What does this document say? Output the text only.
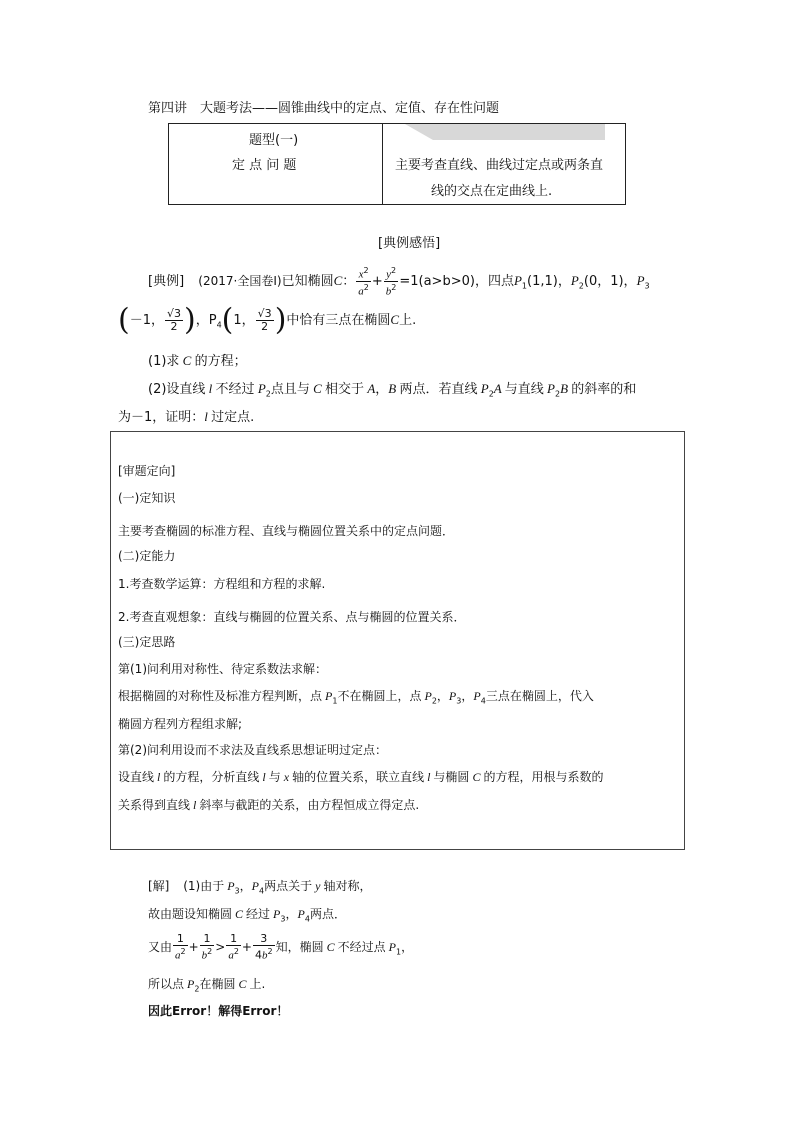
第四讲　大题考法——圆锥曲线中的定点、定值、存在性问题
题型(一)
定 点 问 题	主要考查直线、曲线过定点或两条直
线的交点在定曲线上.
[典例感悟]
[典例] (2017·全国卷Ⅰ)已知椭圆C： $\frac{x^2}{a^2} + \frac{y^2}{b^2} =1(a>b>0)$，四点$P_1(1,1)$，$P_2(0$，1)，$P_3$
(－1， $\frac{√3}{2}$ )，$P_4(1$， $\frac{√3}{2}$ )中恰有三点在椭圆C上.
(1)求 C 的方程；
(2)设直线 l 不经过 $P_2$点且与 C 相交于 A，B 两点．若直线 $P_2A$ 与直线 $P_2B$ 的斜率的和
为－1，证明：l 过定点.
[审题定向]
(一)定知识
主要考查椭圆的标准方程、直线与椭圆位置关系中的定点问题．
(二)定能力
1.考查数学运算：方程组和方程的求解.
2.考查直观想象：直线与椭圆的位置关系、点与椭圆的位置关系．
(三)定思路
第(1)问利用对称性、待定系数法求解：
根据椭圆的对称性及标准方程判断，点 $P_1$不在椭圆上，点 $P_2$，$P_3$，$P_4$三点在椭圆上，代入
椭圆方程列方程组求解;
第(2)问利用设而不求法及直线系思想证明过定点：
设直线 l 的方程，分析直线 l 与 x 轴的位置关系，联立直线 l 与椭圆 C 的方程，用根与系数的
关系得到直线 l 斜率与截距的关系，由方程恒成立得定点.
[解] (1)由于 $P_3$，$P_4$两点关于 y 轴对称，
故由题设知椭圆 C 经过 $P_3$，$P_4$两点．
又由 $\frac{1}{a^2} + \frac{1}{b^2} > \frac{1}{a^2} + \frac{3}{4b^2}$ 知，椭圆 C 不经过点 $P_1$，
所以点 $P_2$在椭圆 C 上.
因此Error！解得Error！
